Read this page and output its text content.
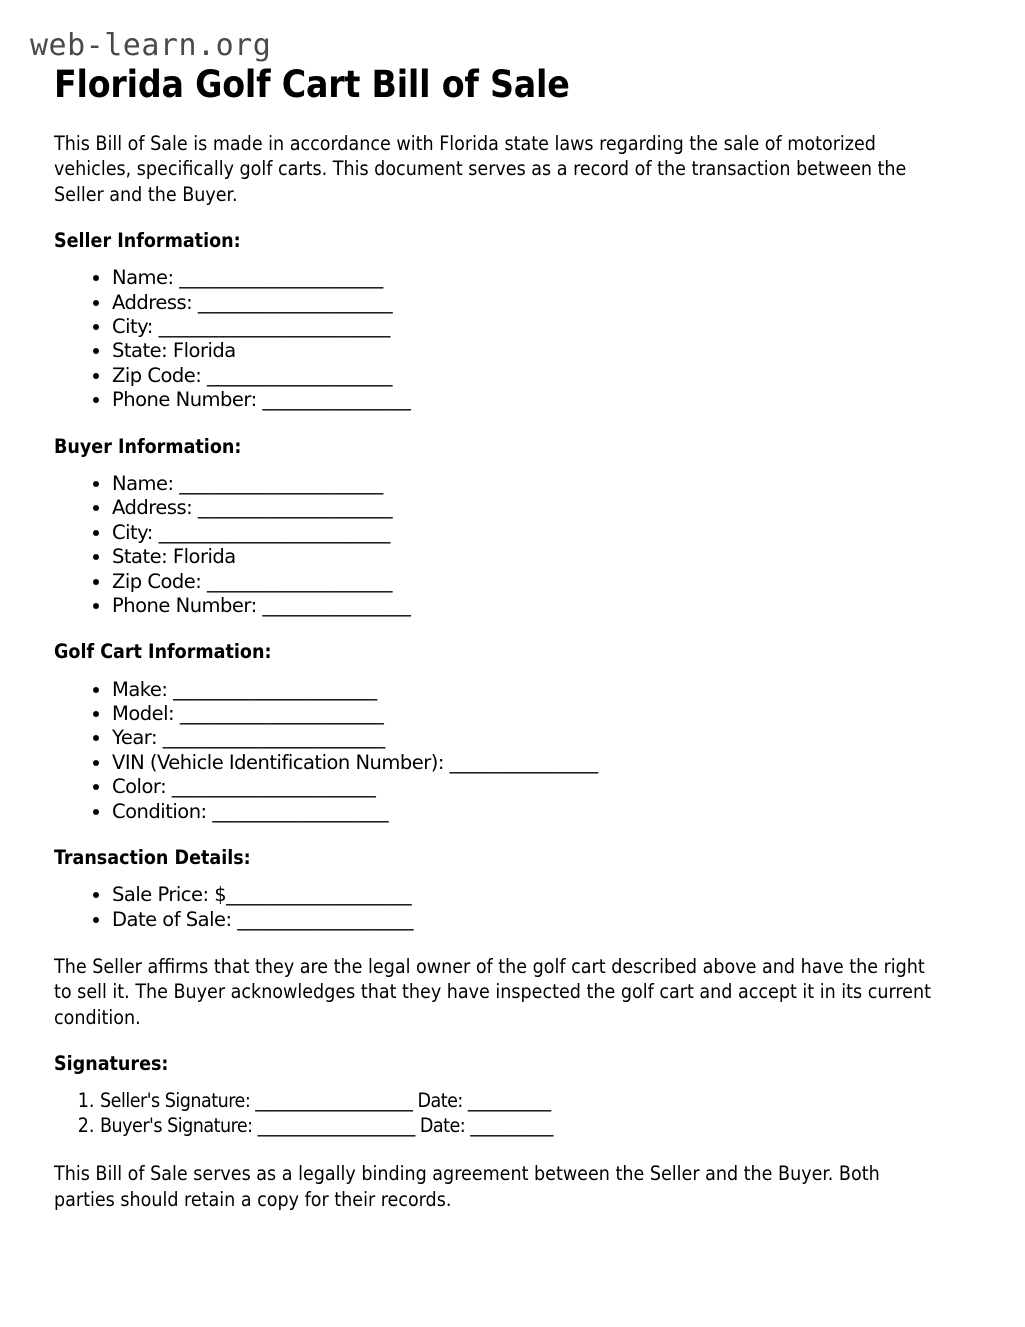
web-learn.org
Florida Golf Cart Bill of Sale

This Bill of Sale is made in accordance with Florida state laws regarding the sale of motorized vehicles, specifically golf carts. This document serves as a record of the transaction between the Seller and the Buyer.

Seller Information:
• Name: ______________________
• Address: _____________________
• City: _________________________
• State: Florida
• Zip Code: ____________________
• Phone Number: ________________
Buyer Information:
• Name: ______________________
• Address: _____________________
• City: _________________________
• State: Florida
• Zip Code: ____________________
• Phone Number: ________________
Golf Cart Information:
• Make: ______________________
• Model: ______________________
• Year: ________________________
• VIN (Vehicle Identification Number): ________________
• Color: ______________________
• Condition: ___________________
Transaction Details:
• Sale Price: $____________________
• Date of Sale: ___________________

The Seller affirms that they are the legal owner of the golf cart described above and have the right to sell it. The Buyer acknowledges that they have inspected the golf cart and accept it in its current condition.

Signatures:
1. Seller's Signature: ___________________ Date: __________
2. Buyer's Signature: ___________________ Date: __________

This Bill of Sale serves as a legally binding agreement between the Seller and the Buyer. Both parties should retain a copy for their records.
